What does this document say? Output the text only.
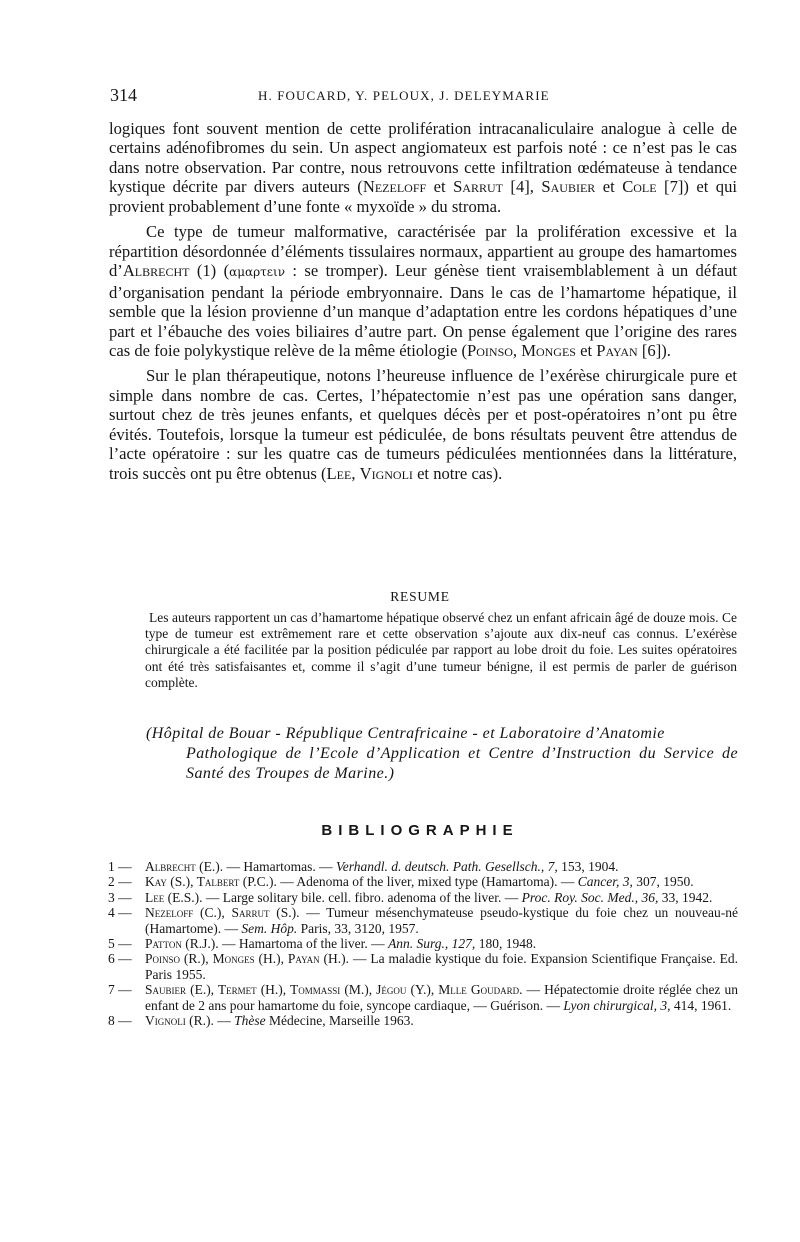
314	H. FOUCARD, Y. PELOUX, J. DELEYMARIE

logiques font souvent mention de cette prolifération intracanaliculaire analogue à celle de certains adénofibromes du sein. Un aspect angiomateux est parfois noté : ce n’est pas le cas dans notre observation. Par contre, nous retrouvons cette infiltration œdémateuse à tendance kystique décrite par divers auteurs (Nezeloff et Sarrut [4], Saubier et Cole [7]) et qui provient probablement d’une fonte « myxoïde » du stroma.

Ce type de tumeur malformative, caractérisée par la prolifération excessive et la répartition désordonnée d’éléments tissulaires normaux, appartient au groupe des hamartomes d’Albrecht (1) (αμαρτειν : se tromper). Leur génèse tient vraisemblablement à un défaut d’organisation pendant la période embryonnaire. Dans le cas de l’hamartome hépatique, il semble que la lésion provienne d’un manque d’adaptation entre les cordons hépatiques d’une part et l’ébauche des voies biliaires d’autre part. On pense également que l’origine des rares cas de foie polykystique relève de la même étiologie (Poinso, Monges et Payan [6]).

Sur le plan thérapeutique, notons l’heureuse influence de l’exérèse chirurgicale pure et simple dans nombre de cas. Certes, l’hépatectomie n’est pas une opération sans danger, surtout chez de très jeunes enfants, et quelques décès per et post-opératoires n’ont pu être évités. Toutefois, lorsque la tumeur est pédiculée, de bons résultats peuvent être attendus de l’acte opératoire : sur les quatre cas de tumeurs pédiculées mentionnées dans la littérature, trois succès ont pu être obtenus (Lee, Vignoli et notre cas).

RESUME
Les auteurs rapportent un cas d’hamartome hépatique observé chez un enfant africain âgé de douze mois. Ce type de tumeur est extrêmement rare et cette observation s’ajoute aux dix-neuf cas connus. L’exérèse chirurgicale a été facilitée par la position pédiculée par rapport au lobe droit du foie. Les suites opératoires ont été très satisfaisantes et, comme il s’agit d’une tumeur bénigne, il est permis de parler de guérison complète.
(Hôpital de Bouar - République Centrafricaine - et Laboratoire d’Anatomie
Pathologique de l’Ecole d’Application et Centre d’Instruction du Service de Santé des Troupes de Marine.)
BIBLIOGRAPHIE
1 — Albrecht (E.). — Hamartomas. — Verhandl. d. deutsch. Path. Gesellsch., 7, 153, 1904.
2 — Kay (S.), Talbert (P.C.). — Adenoma of the liver, mixed type (Hamartoma). — Cancer, 3, 307, 1950.
3 — Lee (E.S.). — Large solitary bile. cell. fibro. adenoma of the liver. — Proc. Roy. Soc. Med., 36, 33, 1942.
4 — Nezeloff (C.), Sarrut (S.). — Tumeur mésenchymateuse pseudo-kystique du foie chez un nouveau-né (Hamartome). — Sem. Hôp. Paris, 33, 3120, 1957.
5 — Patton (R.J.). — Hamartoma of the liver. — Ann. Surg., 127, 180, 1948.
6 — Poinso (R.), Monges (H.), Payan (H.). — La maladie kystique du foie. Expansion Scientifique Française. Ed. Paris 1955.
7 — Saubier (E.), Termet (H.), Tommassi (M.), Jégou (Y.), Mlle Goudard. — Hépatectomie droite réglée chez un enfant de 2 ans pour hamartome du foie, syncope cardiaque, — Guérison. — Lyon chirurgical, 3, 414, 1961.
8 — Vignoli (R.). — Thèse Médecine, Marseille 1963.
